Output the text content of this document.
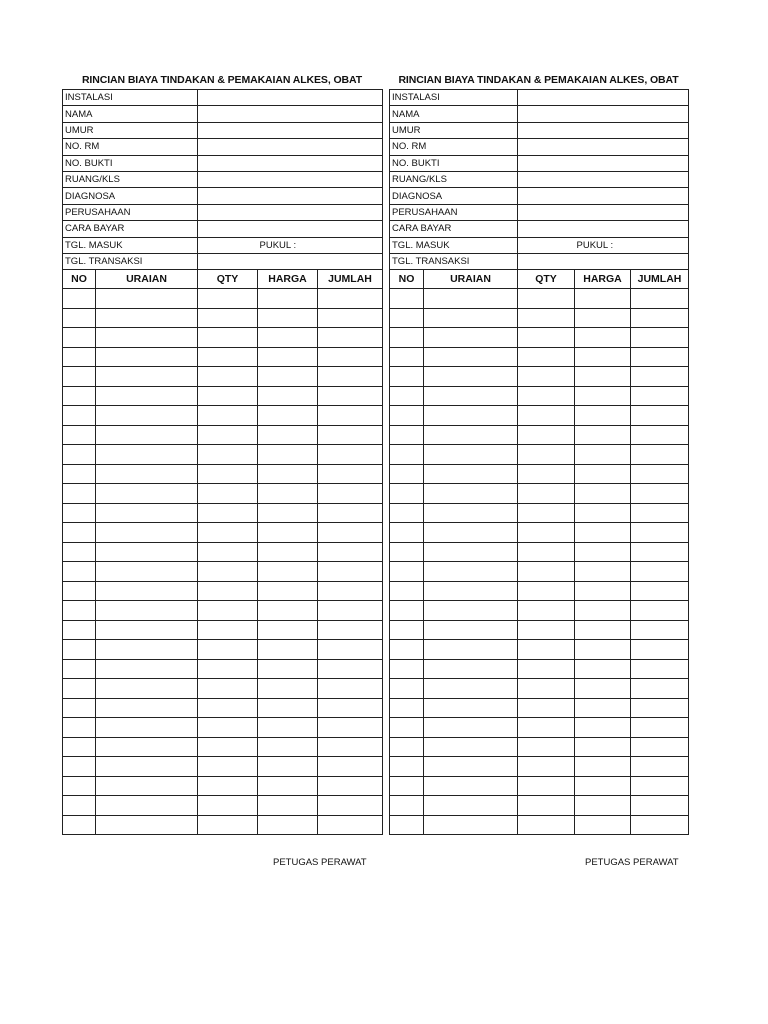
RINCIAN BIAYA TINDAKAN & PEMAKAIAN ALKES, OBAT
INSTALASI		
NAMA		
UMUR		
NO. RM		
NO. BUKTI		
RUANG/KLS		
DIAGNOSA		
PERUSAHAAN		
CARA BAYAR		
TGL. MASUK		PUKUL :
TGL. TRANSAKSI		
NO	URAIAN	QTY	HARGA	JUMLAH

RINCIAN BIAYA TINDAKAN & PEMAKAIAN ALKES, OBAT
INSTALASI		
NAMA		
UMUR		
NO. RM		
NO. BUKTI		
RUANG/KLS		
DIAGNOSA		
PERUSAHAAN		
CARA BAYAR		
TGL. MASUK		PUKUL :
TGL. TRANSAKSI		
NO	URAIAN	QTY	HARGA	JUMLAH

PETUGAS PERAWAT	PETUGAS PERAWAT
